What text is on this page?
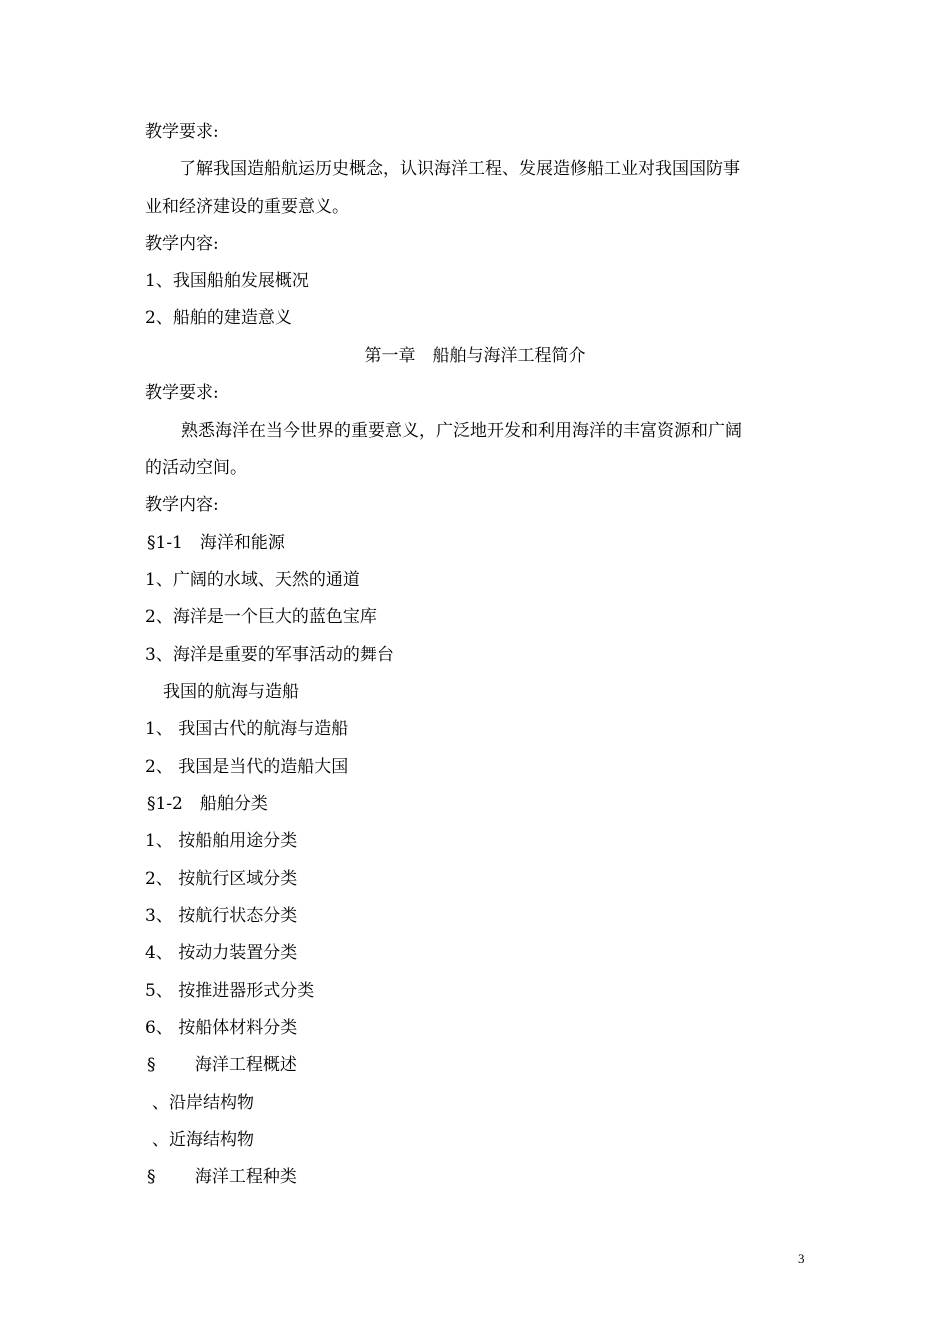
教学要求:
了解我国造船航运历史概念，认识海洋工程、发展造修船工业对我国国防事
业和经济建设的重要意义。
教学内容:
1、我国船舶发展概况
2、船舶的建造意义
第一章　船舶与海洋工程简介
教学要求:
熟悉海洋在当今世界的重要意义，广泛地开发和利用海洋的丰富资源和广阔
的活动空间。
教学内容:
§1-1　海洋和能源
1、广阔的水域、天然的通道
2、海洋是一个巨大的蓝色宝库
3、海洋是重要的军事活动的舞台
我国的航海与造船
1、 我国古代的航海与造船
2、 我国是当代的造船大国
§1-2　船舶分类
1、 按船舶用途分类
2、 按航行区域分类
3、 按航行状态分类
4、 按动力装置分类
5、 按推进器形式分类
6、 按船体材料分类
§　　 海洋工程概述
、沿岸结构物
、近海结构物
§　　 海洋工程种类
3
